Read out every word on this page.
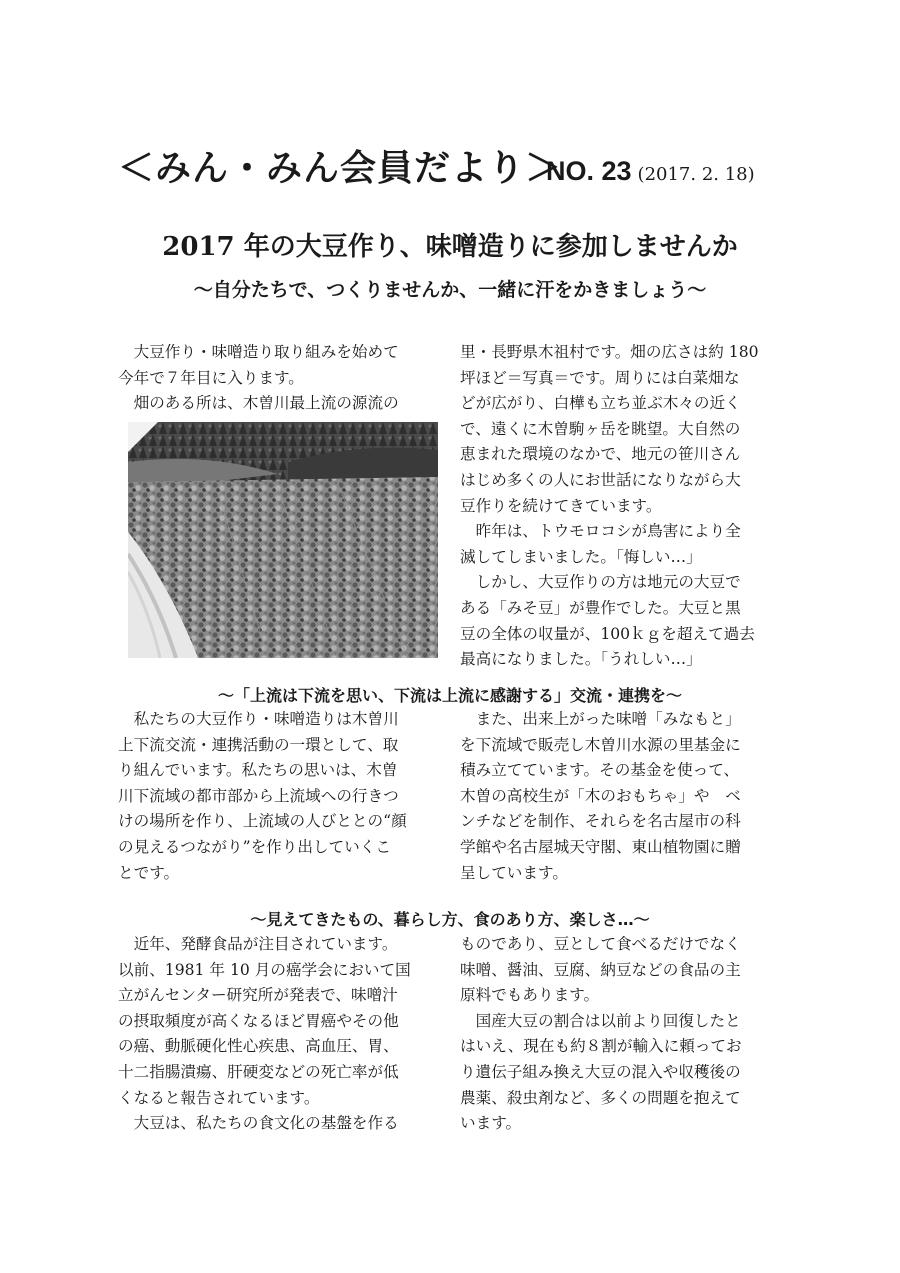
＜みん・みん会員だより＞
NO. 23 (2017. 2. 18)
2017 年の大豆作り、味噌造りに参加しませんか
～自分たちで、つくりませんか、一緒に汗をかきましょう～

　大豆作り・味噌造り取り組みを始めて

今年で７年目に入ります。

　畑のある所は、木曽川最上流の源流の

里・長野県木祖村です。畑の広さは約 180

坪ほど＝写真＝です。周りには白菜畑な

どが広がり、白樺も立ち並ぶ木々の近く

で、遠くに木曽駒ヶ岳を眺望。大自然の

恵まれた環境のなかで、地元の笹川さん

はじめ多くの人にお世話になりながら大

豆作りを続けてきています。

　昨年は、トウモロコシが鳥害により全

滅してしまいました。「悔しい…」

　しかし、大豆作りの方は地元の大豆で

ある「みそ豆」が豊作でした。大豆と黒

豆の全体の収量が、100ｋｇを超えて過去

最高になりました。「うれしい…」

～「上流は下流を思い、下流は上流に感謝する」交流・連携を～

　私たちの大豆作り・味噌造りは木曽川

上下流交流・連携活動の一環として、取

り組んでいます。私たちの思いは、木曽

川下流域の都市部から上流域への行きつ

けの場所を作り、上流域の人びととの“顔

の見えるつながり”を作り出していくこ

とです。

　また、出来上がった味噌「みなもと」

を下流域で販売し木曽川水源の里基金に

積み立てています。その基金を使って、

木曽の高校生が「木のおもちゃ」や　ベ

ンチなどを制作、それらを名古屋市の科

学館や名古屋城天守閣、東山植物園に贈

呈しています。

～見えてきたもの、暮らし方、食のあり方、楽しさ…～

　近年、発酵食品が注目されています。

以前、1981 年 10 月の癌学会において国

立がんセンター研究所が発表で、味噌汁

の摂取頻度が高くなるほど胃癌やその他

の癌、動脈硬化性心疾患、高血圧、胃、

十二指腸潰瘍、肝硬変などの死亡率が低

くなると報告されています。

　大豆は、私たちの食文化の基盤を作る

ものであり、豆として食べるだけでなく

味噌、醤油、豆腐、納豆などの食品の主

原料でもあります。

　国産大豆の割合は以前より回復したと

はいえ、現在も約８割が輸入に頼ってお

り遺伝子組み換え大豆の混入や収穫後の

農薬、殺虫剤など、多くの問題を抱えて

います。
